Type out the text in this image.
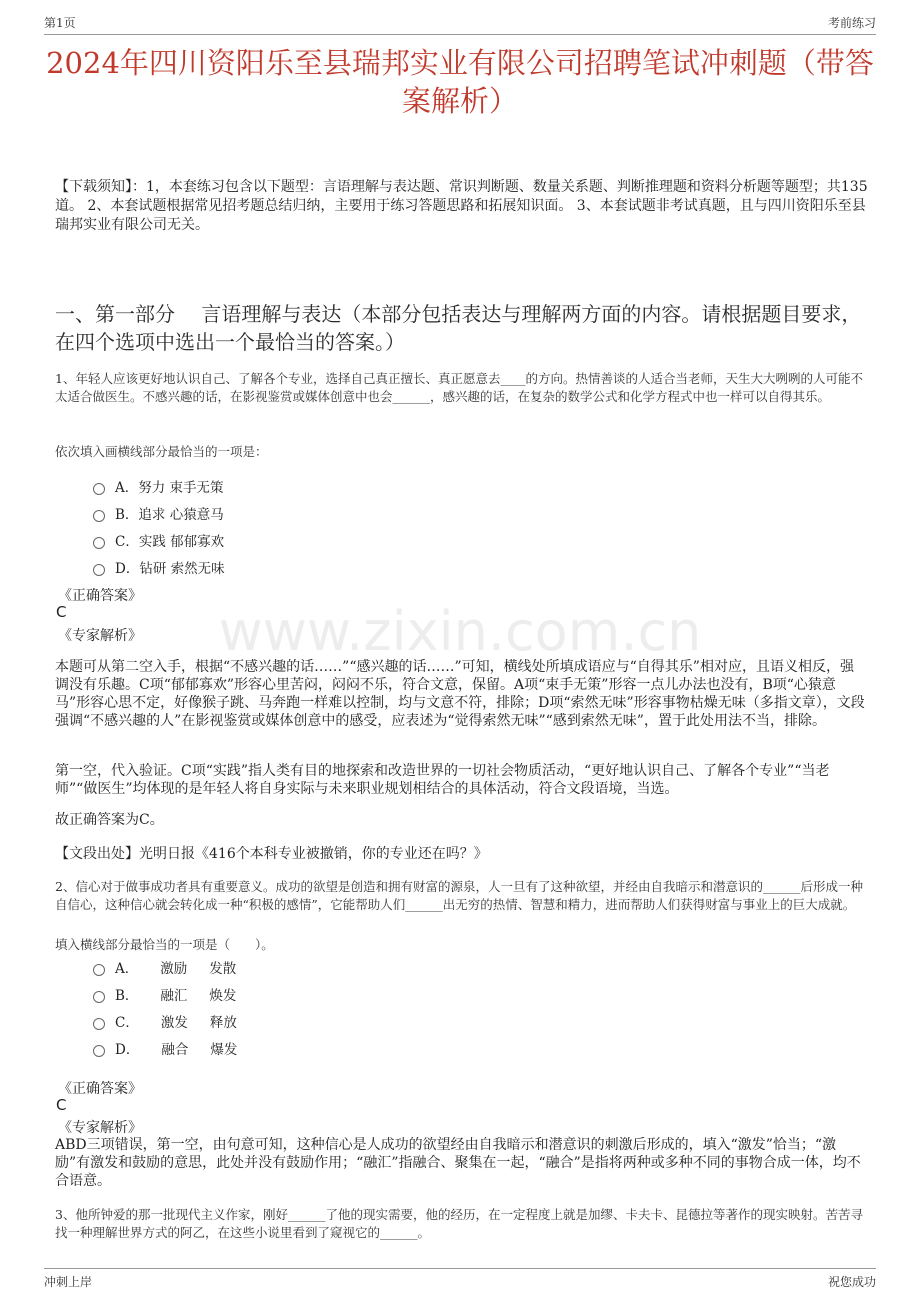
第1页	考前练习
www.zixin.com.cn
2024年四川资阳乐至县瑞邦实业有限公司招聘笔试冲刺题（带答案解析）
【下载须知】：1，本套练习包含以下题型：言语理解与表达题、常识判断题、数量关系题、判断推理题和资料分析题等题型；共135道。 2、本套试题根据常见招考题总结归纳，主要用于练习答题思路和拓展知识面。 3、本套试题非考试真题，且与四川资阳乐至县瑞邦实业有限公司无关。
一、第一部分　 言语理解与表达（本部分包括表达与理解两方面的内容。请根据题目要求，在四个选项中选出一个最恰当的答案。）
1、年轻人应该更好地认识自己、了解各个专业，选择自己真正擅长、真正愿意去____的方向。热情善谈的人适合当老师，天生大大咧咧的人可能不太适合做医生。不感兴趣的话，在影视鉴赏或媒体创意中也会______，感兴趣的话，在复杂的数学公式和化学方程式中也一样可以自得其乐。
依次填入画横线部分最恰当的一项是：
A． 努力 束手无策
B． 追求 心猿意马
C． 实践 郁郁寡欢
D． 钻研 索然无味
《正确答案》
C
《专家解析》
本题可从第二空入手，根据“不感兴趣的话……”“感兴趣的话……”可知，横线处所填成语应与“自得其乐”相对应，且语义相反，强调没有乐趣。C项“郁郁寡欢”形容心里苦闷，闷闷不乐，符合文意，保留。A项“束手无策”形容一点儿办法也没有，B项“心猿意马”形容心思不定，好像猴子跳、马奔跑一样难以控制，均与文意不符，排除；D项“索然无味”形容事物枯燥无味（多指文章），文段强调“不感兴趣的人”在影视鉴赏或媒体创意中的感受，应表述为“觉得索然无味”“感到索然无味”，置于此处用法不当，排除。
第一空，代入验证。C项“实践”指人类有目的地探索和改造世界的一切社会物质活动，“更好地认识自己、了解各个专业”“当老师”“做医生”均体现的是年轻人将自身实际与未来职业规划相结合的具体活动，符合文段语境，当选。
故正确答案为C。
【文段出处】光明日报《416个本科专业被撤销，你的专业还在吗？》
2、信心对于做事成功者具有重要意义。成功的欲望是创造和拥有财富的源泉，人一旦有了这种欲望，并经由自我暗示和潜意识的______后形成一种自信心，这种信心就会转化成一种“积极的感情”，它能帮助人们______出无穷的热情、智慧和精力，进而帮助人们获得财富与事业上的巨大成就。
填入横线部分最恰当的一项是（　　）。
A． 激励 发散
B． 融汇 焕发
C． 激发 释放
D． 融合 爆发
《正确答案》
C
《专家解析》
ABD三项错误，第一空，由句意可知，这种信心是人成功的欲望经由自我暗示和潜意识的刺激后形成的，填入“激发”恰当；“激励”有激发和鼓励的意思，此处并没有鼓励作用；“融汇”指融合、聚集在一起，“融合”是指将两种或多种不同的事物合成一体，均不合语意。
3、他所钟爱的那一批现代主义作家，刚好______了他的现实需要，他的经历，在一定程度上就是加缪、卡夫卡、昆德拉等著作的现实映射。苦苦寻找一种理解世界方式的阿乙，在这些小说里看到了窥视它的______。
冲刺上岸	祝您成功
